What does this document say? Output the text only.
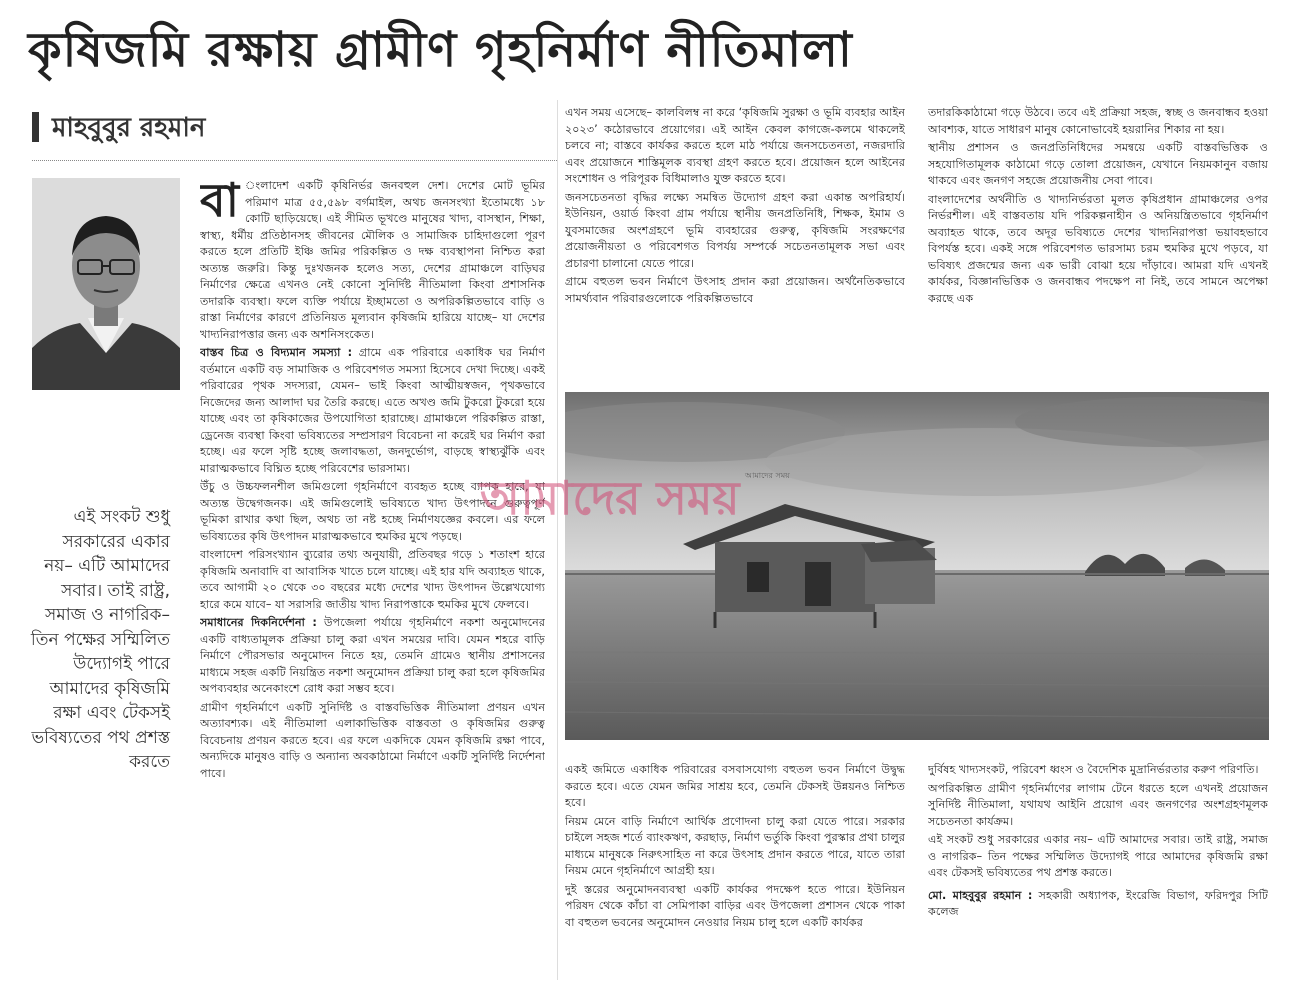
কৃষিজমি রক্ষায় গ্রামীণ গৃহনির্মাণ নীতিমালা
মাহবুবুর রহমান

বা ংলাদেশ একটি কৃষিনির্ভর জনবহুল দেশ। দেশের মোট ভূমির পরিমাণ মাত্র ৫৫,৫৯৮ বর্গমাইল, অথচ জনসংখ্যা ইতোমধ্যে ১৮ কোটি ছাড়িয়েছে। এই সীমিত ভূখণ্ডে মানুষের খাদ্য, বাসস্থান, শিক্ষা, স্বাস্থ্য, ধর্মীয় প্রতিষ্ঠানসহ জীবনের মৌলিক ও সামাজিক চাহিদাগুলো পূরণ করতে হলে প্রতিটি ইঞ্চি জমির পরিকল্পিত ও দক্ষ ব্যবস্থাপনা নিশ্চিত করা অত্যন্ত জরুরি। কিন্তু দুঃখজনক হলেও সত্য, দেশের গ্রামাঞ্চলে বাড়িঘর নির্মাণের ক্ষেত্রে এখনও নেই কোনো সুনির্দিষ্ট নীতিমালা কিংবা প্রশাসনিক তদারকি ব্যবস্থা। ফলে ব্যক্তি পর্যায়ে ইচ্ছামতো ও অপরিকল্পিতভাবে বাড়ি ও রাস্তা নির্মাণের কারণে প্রতিনিয়ত মূল্যবান কৃষিজমি হারিয়ে যাচ্ছে– যা দেশের খাদ্যনিরাপত্তার জন্য এক অশনিসংকেত।

বাস্তব চিত্র ও বিদ্যমান সমস্যা : গ্রামে এক পরিবারে একাধিক ঘর নির্মাণ বর্তমানে একটি বড় সামাজিক ও পরিবেশগত সমস্যা হিসেবে দেখা দিচ্ছে। একই পরিবারের পৃথক সদস্যরা, যেমন– ভাই কিংবা আত্মীয়স্বজন, পৃথকভাবে নিজেদের জন্য আলাদা ঘর তৈরি করছে। এতে অখণ্ড জমি টুকরো টুকরো হয়ে যাচ্ছে এবং তা কৃষিকাজের উপযোগিতা হারাচ্ছে। গ্রামাঞ্চলে পরিকল্পিত রাস্তা, ড্রেনেজ ব্যবস্থা কিংবা ভবিষ্যতের সম্প্রসারণ বিবেচনা না করেই ঘর নির্মাণ করা হচ্ছে। এর ফলে সৃষ্টি হচ্ছে জলাবদ্ধতা, জনদুর্ভোগ, বাড়ছে স্বাস্থ্যঝুঁকি এবং মারাত্মকভাবে বিঘ্নিত হচ্ছে পরিবেশের ভারসাম্য।

উঁচু ও উচ্চফলনশীল জমিগুলো গৃহনির্মাণে ব্যবহৃত হচ্ছে ব্যাপক হারে, যা অত্যন্ত উদ্বেগজনক। এই জমিগুলোই ভবিষ্যতে খাদ্য উৎপাদনে গুরুত্বপূর্ণ ভূমিকা রাখার কথা ছিল, অথচ তা নষ্ট হচ্ছে নির্মাণযজ্ঞের কবলে। এর ফলে ভবিষ্যতের কৃষি উৎপাদন মারাত্মকভাবে হুমকির মুখে পড়ছে।

বাংলাদেশ পরিসংখ্যান ব্যুরোর তথ্য অনুযায়ী, প্রতিবছর গড়ে ১ শতাংশ হারে কৃষিজমি অনাবাদি বা আবাসিক খাতে চলে যাচ্ছে। এই হার যদি অব্যাহত থাকে, তবে আগামী ২০ থেকে ৩০ বছরের মধ্যে দেশের খাদ্য উৎপাদন উল্লেখযোগ্য হারে কমে যাবে– যা সরাসরি জাতীয় খাদ্য নিরাপত্তাকে হুমকির মুখে ফেলবে।

সমাধানের দিকনির্দেশনা : উপজেলা পর্যায়ে গৃহনির্মাণে নকশা অনুমোদনের একটি বাধ্যতামূলক প্রক্রিয়া চালু করা এখন সময়ের দাবি। যেমন শহরে বাড়ি নির্মাণে পৌরসভার অনুমোদন নিতে হয়, তেমনি গ্রামেও স্থানীয় প্রশাসনের মাধ্যমে সহজ একটি নিয়ন্ত্রিত নকশা অনুমোদন প্রক্রিয়া চালু করা হলে কৃষিজমির অপব্যবহার অনেকাংশে রোধ করা সম্ভব হবে।

গ্রামীণ গৃহনির্মাণে একটি সুনির্দিষ্ট ও বাস্তবভিত্তিক নীতিমালা প্রণয়ন এখন অত্যাবশ্যক। এই নীতিমালা এলাকাভিত্তিক বাস্তবতা ও কৃষিজমির গুরুত্ব বিবেচনায় প্রণয়ন করতে হবে। এর ফলে একদিকে যেমন কৃষিজমি রক্ষা পাবে, অন্যদিকে মানুষও বাড়ি ও অন্যান্য অবকাঠামো নির্মাণে একটি সুনির্দিষ্ট নির্দেশনা পাবে।

এই সংকট শুধু সরকারের একার নয়– এটি আমাদের সবার। তাই রাষ্ট্র, সমাজ ও নাগরিক– তিন পক্ষের সম্মিলিত উদ্যোগই পারে আমাদের কৃষিজমি রক্ষা এবং টেকসই ভবিষ্যতের পথ প্রশস্ত করতে

এখন সময় এসেছে– কালবিলম্ব না করে ‘কৃষিজমি সুরক্ষা ও ভূমি ব্যবহার আইন ২০২৩’ কঠোরভাবে প্রয়োগের। এই আইন কেবল কাগজে-কলমে থাকলেই চলবে না; বাস্তবে কার্যকর করতে হলে মাঠ পর্যায়ে জনসচেতনতা, নজরদারি এবং প্রয়োজনে শাস্তিমূলক ব্যবস্থা গ্রহণ করতে হবে। প্রয়োজন হলে আইনের সংশোধন ও পরিপূরক বিধিমালাও যুক্ত করতে হবে।

জনসচেতনতা বৃদ্ধির লক্ষ্যে সমন্বিত উদ্যোগ গ্রহণ করা একান্ত অপরিহার্য। ইউনিয়ন, ওয়ার্ড কিংবা গ্রাম পর্যায়ে স্থানীয় জনপ্রতিনিধি, শিক্ষক, ইমাম ও যুবসমাজের অংশগ্রহণে ভূমি ব্যবহারের গুরুত্ব, কৃষিজমি সংরক্ষণের প্রয়োজনীয়তা ও পরিবেশগত বিপর্যয় সম্পর্কে সচেতনতামূলক সভা এবং প্রচারণা চালানো যেতে পারে।

গ্রামে বহুতল ভবন নির্মাণে উৎসাহ প্রদান করা প্রয়োজন। অর্থনৈতিকভাবে সামর্থ্যবান পরিবারগুলোকে পরিকল্পিতভাবে

তদারকিকাঠামো গড়ে উঠবে। তবে এই প্রক্রিয়া সহজ, স্বচ্ছ ও জনবান্ধব হওয়া আবশ্যক, যাতে সাধারণ মানুষ কোনোভাবেই হয়রানির শিকার না হয়।

স্থানীয় প্রশাসন ও জনপ্রতিনিধিদের সমন্বয়ে একটি বাস্তবভিত্তিক ও সহযোগিতামূলক কাঠামো গড়ে তোলা প্রয়োজন, যেখানে নিয়মকানুন বজায় থাকবে এবং জনগণ সহজে প্রয়োজনীয় সেবা পাবে।

বাংলাদেশের অর্থনীতি ও খাদ্যনির্ভরতা মূলত কৃষিপ্রধান গ্রামাঞ্চলের ওপর নির্ভরশীল। এই বাস্তবতায় যদি পরিকল্পনাহীন ও অনিয়ন্ত্রিতভাবে গৃহনির্মাণ অব্যাহত থাকে, তবে অদূর ভবিষ্যতে দেশের খাদ্যনিরাপত্তা ভয়াবহভাবে বিপর্যস্ত হবে। একই সঙ্গে পরিবেশগত ভারসাম্য চরম হুমকির মুখে পড়বে, যা ভবিষ্যৎ প্রজন্মের জন্য এক ভারী বোঝা হয়ে দাঁড়াবে। আমরা যদি এখনই কার্যকর, বিজ্ঞানভিত্তিক ও জনবান্ধব পদক্ষেপ না নিই, তবে সামনে অপেক্ষা করছে এক

আমাদের সময় আমাদের সময়

একই জমিতে একাধিক পরিবারের বসবাসযোগ্য বহুতল ভবন নির্মাণে উদ্বুদ্ধ করতে হবে। এতে যেমন জমির সাশ্রয় হবে, তেমনি টেকসই উন্নয়নও নিশ্চিত হবে।

নিয়ম মেনে বাড়ি নির্মাণে আর্থিক প্রণোদনা চালু করা যেতে পারে। সরকার চাইলে সহজ শর্তে ব্যাংকঋণ, করছাড়, নির্মাণ ভর্তুকি কিংবা পুরস্কার প্রথা চালুর মাধ্যমে মানুষকে নিরুৎসাহিত না করে উৎসাহ প্রদান করতে পারে, যাতে তারা নিয়ম মেনে গৃহনির্মাণে আগ্রহী হয়।

দুই স্তরের অনুমোদনব্যবস্থা একটি কার্যকর পদক্ষেপ হতে পারে। ইউনিয়ন পরিষদ থেকে কাঁচা বা সেমিপাকা বাড়ির এবং উপজেলা প্রশাসন থেকে পাকা বা বহুতল ভবনের অনুমোদন নেওয়ার নিয়ম চালু হলে একটি কার্যকর

দুর্বিষহ খাদ্যসংকট, পরিবেশ ধ্বংস ও বৈদেশিক মুদ্রানির্ভরতার করুণ পরিণতি।

অপরিকল্পিত গ্রামীণ গৃহনির্মাণের লাগাম টেনে ধরতে হলে এখনই প্রয়োজন সুনির্দিষ্ট নীতিমালা, যথাযথ আইনি প্রয়োগ এবং জনগণের অংশগ্রহণমূলক সচেতনতা কার্যক্রম।

এই সংকট শুধু সরকারের একার নয়– এটি আমাদের সবার। তাই রাষ্ট্র, সমাজ ও নাগরিক– তিন পক্ষের সম্মিলিত উদ্যোগই পারে আমাদের কৃষিজমি রক্ষা এবং টেকসই ভবিষ্যতের পথ প্রশস্ত করতে।

মো. মাহবুবুর রহমান : সহকারী অধ্যাপক, ইংরেজি বিভাগ, ফরিদপুর সিটি কলেজ
